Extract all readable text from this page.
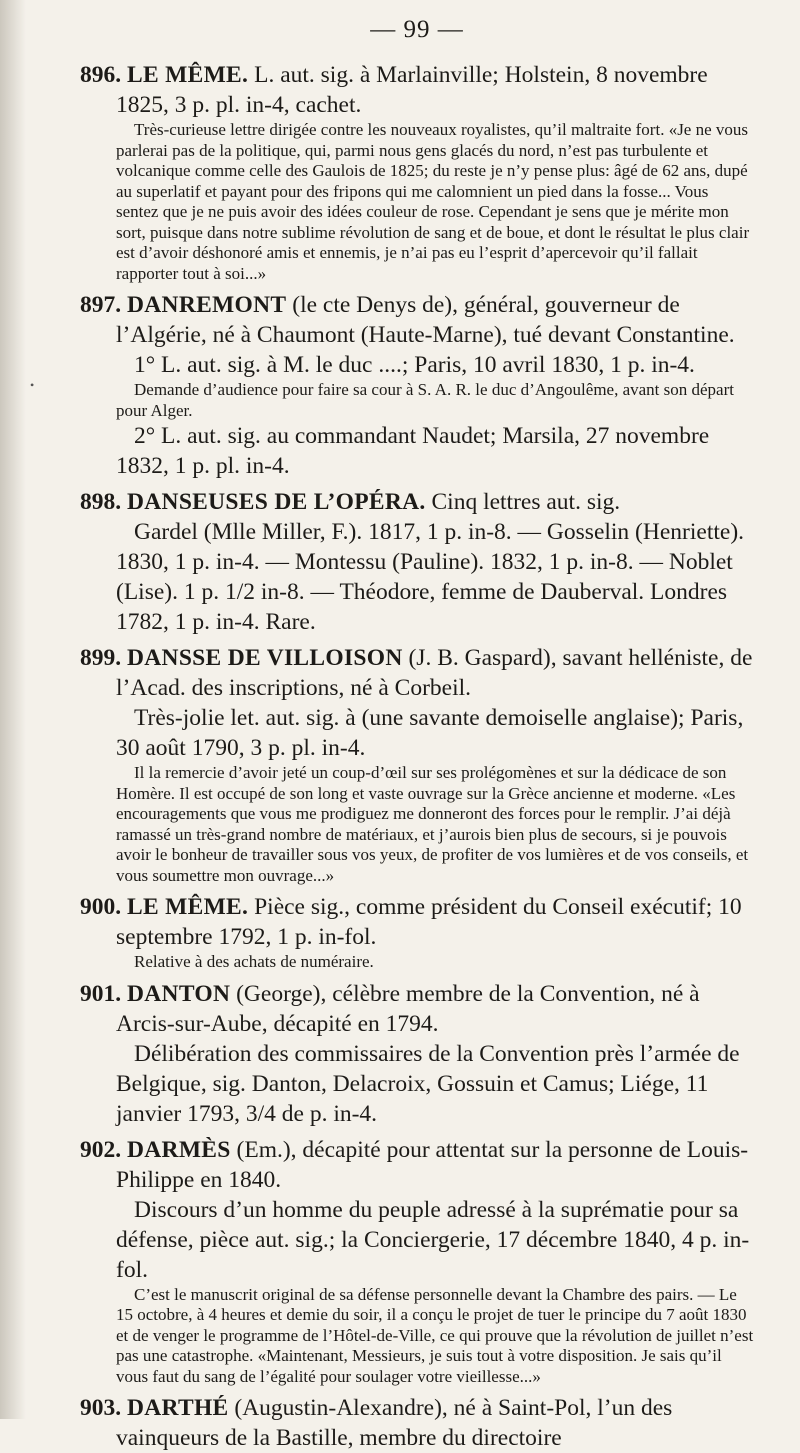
•
— 99 —

896. LE MÊME. L. aut. sig. à Marlainville; Holstein, 8 novembre

1825, 3 p. pl. in-4, cachet.

Très-curieuse lettre dirigée contre les nouveaux royalistes, qu’il maltraite fort. «Je ne vous parlerai pas de la politique, qui, parmi nous gens glacés du nord, n’est pas turbulente et volcanique comme celle des Gaulois de 1825; du reste je n’y pense plus: âgé de 62 ans, dupé au superlatif et payant pour des fripons qui me calomnient un pied dans la fosse... Vous sentez que je ne puis avoir des idées couleur de rose. Cependant je sens que je mérite mon sort, puisque dans notre sublime révolution de sang et de boue, et dont le résultat le plus clair est d’avoir déshonoré amis et ennemis, je n’ai pas eu l’esprit d’apercevoir qu’il fallait rapporter tout à soi...»

897. DANREMONT (le cte Denys de), général, gouverneur de l’Algérie, né à Chaumont (Haute-Marne), tué devant Constantine.

1° L. aut. sig. à M. le duc ....; Paris, 10 avril 1830, 1 p. in-4.

Demande d’audience pour faire sa cour à S. A. R. le duc d’Angoulême, avant son départ pour Alger.

2° L. aut. sig. au commandant Naudet; Marsila, 27 novembre 1832, 1 p. pl. in-4.

898. DANSEUSES DE L’OPÉRA. Cinq lettres aut. sig.

Gardel (Mlle Miller, F.). 1817, 1 p. in-8. — Gosselin (Henriette). 1830, 1 p. in-4. — Montessu (Pauline). 1832, 1 p. in-8. — Noblet (Lise). 1 p. 1/2 in-8. — Théodore, femme de Dauberval. Londres 1782, 1 p. in-4. Rare.

899. DANSSE DE VILLOISON (J. B. Gaspard), savant helléniste, de l’Acad. des inscriptions, né à Corbeil.

Très-jolie let. aut. sig. à (une savante demoiselle anglaise); Paris, 30 août 1790, 3 p. pl. in-4.

Il la remercie d’avoir jeté un coup-d’œil sur ses prolégomènes et sur la dédicace de son Homère. Il est occupé de son long et vaste ouvrage sur la Grèce ancienne et moderne. «Les encouragements que vous me prodiguez me donneront des forces pour le remplir. J’ai déjà ramassé un très-grand nombre de matériaux, et j’aurois bien plus de secours, si je pouvois avoir le bonheur de travailler sous vos yeux, de profiter de vos lumières et de vos conseils, et vous soumettre mon ouvrage...»

900. LE MÊME. Pièce sig., comme président du Conseil exécutif; 10 septembre 1792, 1 p. in-fol.

Relative à des achats de numéraire.

901. DANTON (George), célèbre membre de la Convention, né à Arcis-sur-Aube, décapité en 1794.

Délibération des commissaires de la Convention près l’armée de Belgique, sig. Danton, Delacroix, Gossuin et Camus; Liége, 11 janvier 1793, 3/4 de p. in-4.

902. DARMÈS (Em.), décapité pour attentat sur la personne de Louis-Philippe en 1840.

Discours d’un homme du peuple adressé à la suprématie pour sa défense, pièce aut. sig.; la Conciergerie, 17 décembre 1840, 4 p. in-fol.

C’est le manuscrit original de sa défense personnelle devant la Chambre des pairs. — Le 15 octobre, à 4 heures et demie du soir, il a conçu le projet de tuer le principe du 7 août 1830 et de venger le programme de l’Hôtel-de-Ville, ce qui prouve que la révolution de juillet n’est pas une catastrophe. «Maintenant, Messieurs, je suis tout à votre disposition. Je sais qu’il vous faut du sang de l’égalité pour soulager votre vieillesse...»

903. DARTHÉ (Augustin-Alexandre), né à Saint-Pol, l’un des vainqueurs de la Bastille, membre du directoire
